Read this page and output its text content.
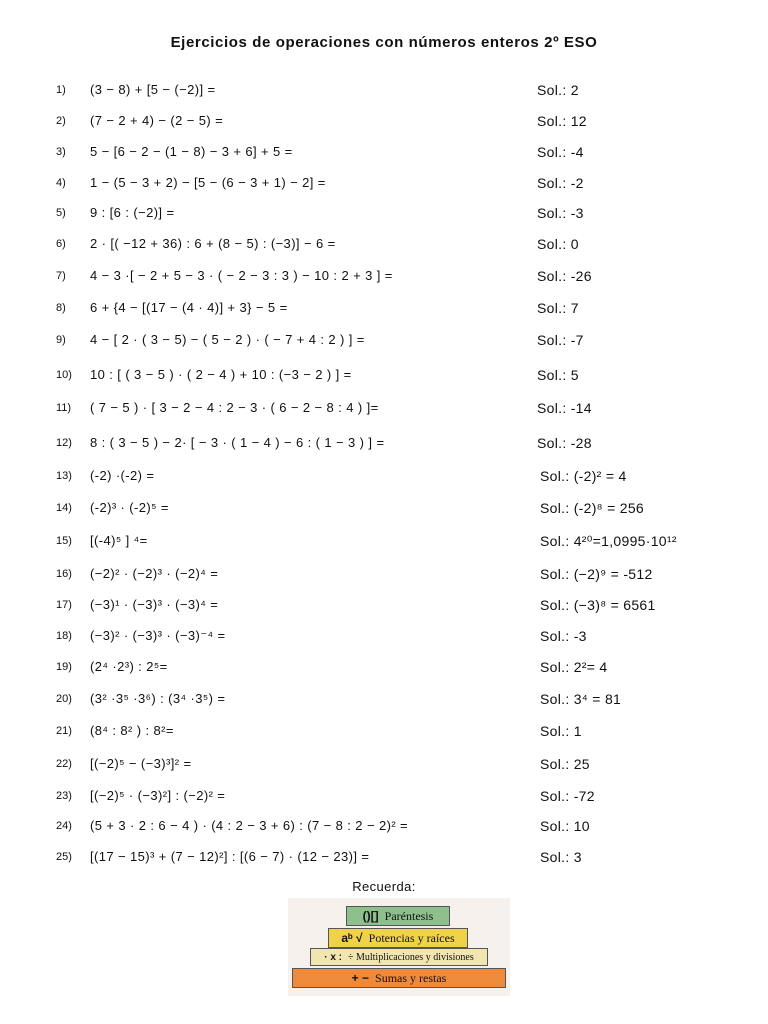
Ejercicios de operaciones con números enteros 2º ESO
1) (3 − 8) + [5 − (−2)] =	Sol.: 2
2) (7 − 2 + 4) − (2 − 5) =	Sol.: 12
3) 5 − [6 − 2 − (1 − 8) − 3 + 6] + 5 =	Sol.: -4
4) 1 − (5 − 3 + 2) − [5 − (6 − 3 + 1) − 2] =	Sol.: -2
5) 9 : [6 : (−2)] =	Sol.: -3
6) 2 · [( −12 + 36) : 6 + (8 − 5) : (−3)] − 6 =	Sol.: 0
7) 4 − 3 ·[ − 2 + 5 − 3 · ( − 2 − 3 : 3 ) − 10 : 2 + 3 ] =	Sol.: -26
8) 6 + {4 − [(17 − (4 · 4)] + 3} − 5 =	Sol.: 7
9) 4 − [ 2 · ( 3 − 5) − ( 5 − 2 ) · ( − 7 + 4 : 2 ) ] =	Sol.: -7
10) 10 : [ ( 3 − 5 ) · ( 2 − 4 ) + 10 : (−3 − 2 ) ] =	Sol.: 5
11) ( 7 − 5 ) · [ 3 − 2 − 4 : 2 − 3 · ( 6 − 2 − 8 : 4 ) ]=	Sol.: -14
12) 8 : ( 3 − 5 ) − 2· [ − 3 · ( 1 − 4 ) − 6 : ( 1 − 3 ) ] =	Sol.: -28
13) (-2) ·(-2) =	Sol.: (-2)² = 4
14) (-2)³ · (-2)⁵ =	Sol.: (-2)⁸ = 256
15) [(-4)⁵ ] ⁴=	Sol.: 4²⁰=1,0995·10¹²
16) (−2)² · (−2)³ · (−2)⁴ =	Sol.: (−2)⁹ = -512
17) (−3)¹ · (−3)³ · (−3)⁴ =	Sol.: (−3)⁸ = 6561
18) (−3)² · (−3)³ · (−3)⁻⁴ =	Sol.: -3
19) (2⁴ ·2³) : 2⁵=	Sol.: 2²= 4
20) (3² ·3⁵ ·3⁶) : (3⁴ ·3⁵) =	Sol.: 3⁴ = 81
21) (8⁴ : 8² ) : 8²=	Sol.: 1
22) [(−2)⁵ − (−3)³]² =	Sol.: 25
23) [(−2)⁵ · (−3)²] : (−2)² =	Sol.: -72
24) (5 + 3 · 2 : 6 − 4 ) · (4 : 2 − 3 + 6) : (7 − 8 : 2 − 2)² =	Sol.: 10
25) [(17 − 15)³ + (7 − 12)²] : [(6 − 7) · (12 − 23)] =	Sol.: 3
Recuerda:
()[] Paréntesis
aᵇ √ Potencias y raíces
· x : ÷ Multiplicaciones y divisiones
+ − Sumas y restas
